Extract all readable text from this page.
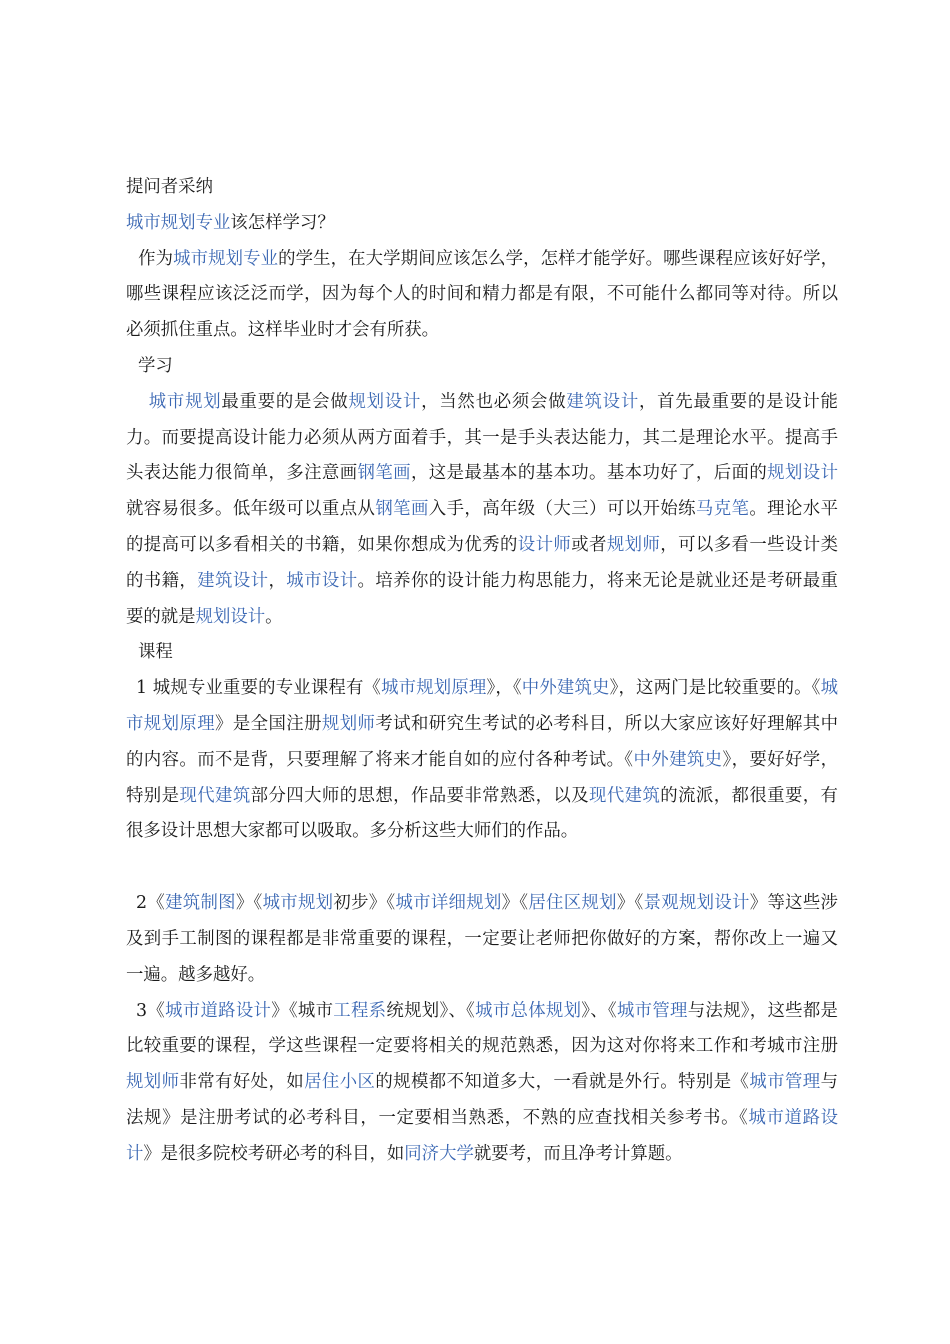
提问者采纳

城市规划专业该怎样学习？

作为城市规划专业的学生，在大学期间应该怎么学，怎样才能学好。哪些课程应该好好学，哪些课程应该泛泛而学，因为每个人的时间和精力都是有限，不可能什么都同等对待。所以必须抓住重点。这样毕业时才会有所获。

学习

城市规划最重要的是会做规划设计，当然也必须会做建筑设计，首先最重要的是设计能力。而要提高设计能力必须从两方面着手，其一是手头表达能力，其二是理论水平。提高手头表达能力很简单，多注意画钢笔画，这是最基本的基本功。基本功好了，后面的规划设计就容易很多。低年级可以重点从钢笔画入手，高年级（大三）可以开始练马克笔。理论水平的提高可以多看相关的书籍，如果你想成为优秀的设计师或者规划师，可以多看一些设计类的书籍，建筑设计，城市设计。培养你的设计能力构思能力，将来无论是就业还是考研最重要的就是规划设计。

课程

1 城规专业重要的专业课程有《城市规划原理》，《中外建筑史》，这两门是比较重要的。《城市规划原理》是全国注册规划师考试和研究生考试的必考科目，所以大家应该好好理解其中的内容。而不是背，只要理解了将来才能自如的应付各种考试。《中外建筑史》，要好好学，特别是现代建筑部分四大师的思想，作品要非常熟悉，以及现代建筑的流派，都很重要，有很多设计思想大家都可以吸取。多分析这些大师们的作品。

2《建筑制图》《城市规划初步》《城市详细规划》《居住区规划》《景观规划设计》等这些涉及到手工制图的课程都是非常重要的课程，一定要让老师把你做好的方案，帮你改上一遍又一遍。越多越好。

3《城市道路设计》《城市工程系统规划》、《城市总体规划》、《城市管理与法规》，这些都是比较重要的课程，学这些课程一定要将相关的规范熟悉，因为这对你将来工作和考城市注册规划师非常有好处，如居住小区的规模都不知道多大，一看就是外行。特别是《城市管理与法规》是注册考试的必考科目，一定要相当熟悉，不熟的应查找相关参考书。《城市道路设计》是很多院校考研必考的科目，如同济大学就要考，而且净考计算题。
